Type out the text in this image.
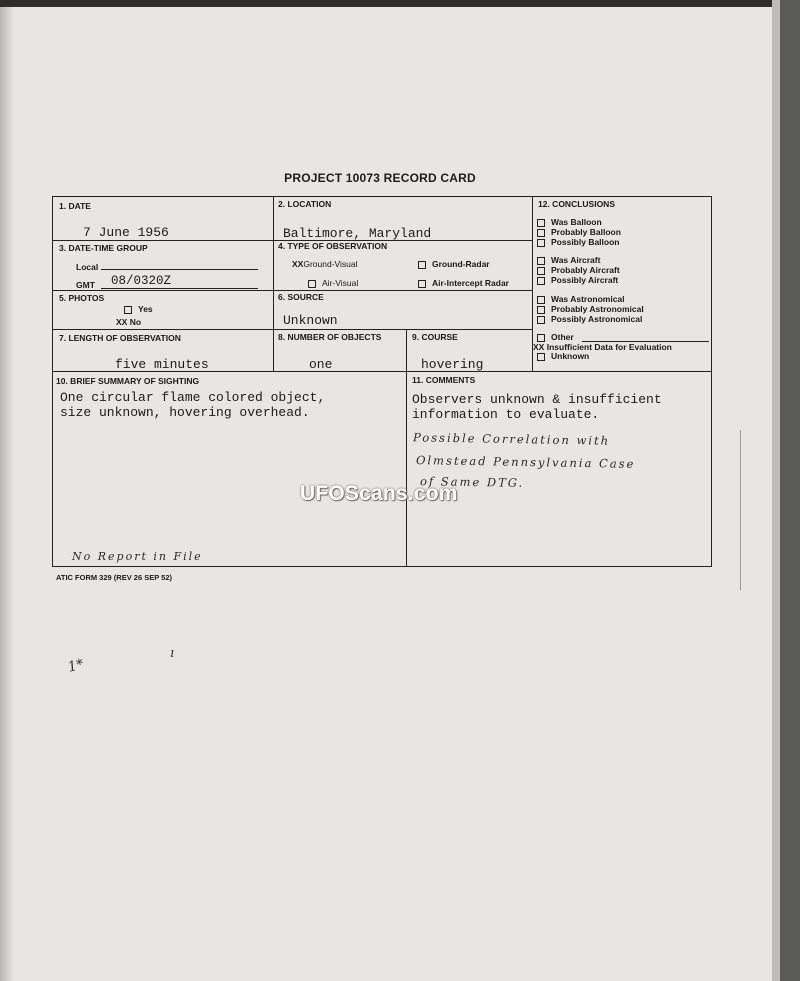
PROJECT 10073 RECORD CARD
1. DATE
7 June 1956
2. LOCATION
Baltimore, Maryland
3. DATE-TIME GROUP
Local
GMT 08/0320Z
4. TYPE OF OBSERVATION
XXGround-Visual	Ground-Radar
Air-Visual	Air-Intercept Radar
5. PHOTOS
Yes
XX No
6. SOURCE
Unknown
7. LENGTH OF OBSERVATION
five minutes
8. NUMBER OF OBJECTS
one
9. COURSE
hovering
10. BRIEF SUMMARY OF SIGHTING
One circular flame colored object,
size unknown, hovering overhead.
No Report in File
11. COMMENTS
Observers unknown & insufficient
information to evaluate.
Possible Correlation with
Olmstead Pennsylvania Case
of Same DTG.
12. CONCLUSIONS
Was Balloon
Probably Balloon
Possibly Balloon
Was Aircraft
Probably Aircraft
Possibly Aircraft
Was Astronomical
Probably Astronomical
Possibly Astronomical
Other
XX Insufficient Data for Evaluation
Unknown
ATIC FORM 329 (REV 26 SEP 52)
UFOScans.com
1*
ı
